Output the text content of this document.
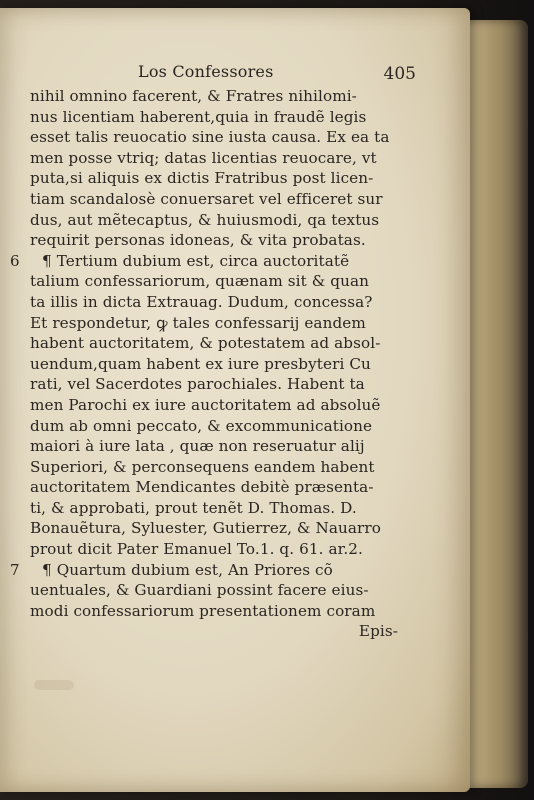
Los Confessores	405
nihil omnino facerent, & Fratres nihilomi-
nus licentiam haberent,quia in fraudẽ legis
esset talis reuocatio sine iusta causa. Ex ea ta
men posse vtriq; datas licentias reuocare, vt
puta,si aliquis ex dictis Fratribus post licen-
tiam scandalosè conuersaret vel efficeret sur
dus, aut mẽtecaptus, & huiusmodi, qa textus
requirit personas idoneas, & vita probatas.
¶ Tertium dubium est, circa auctoritatẽ
6
talium confessariorum, quænam sit & quan
ta illis in dicta Extrauag. Dudum, concessa?
Et respondetur, ꝙ tales confessarij eandem
habent auctoritatem, & potestatem ad absol-
uendum,quam habent ex iure presbyteri Cu
rati, vel Sacerdotes parochiales. Habent ta
men Parochi ex iure auctoritatem ad absoluẽ
dum ab omni peccato, & excommunicatione
maiori à iure lata , quæ non reseruatur alij
Superiori, & perconsequens eandem habent
auctoritatem Mendicantes debitè præsenta-
ti, & approbati, prout tenẽt D. Thomas. D.
Bonauẽtura, Syluester, Gutierrez, & Nauarro
prout dicit Pater Emanuel To.1. q. 61. ar.2.
¶ Quartum dubium est, An Priores cõ
7
uentuales, & Guardiani possint facere eius-
modi confessariorum presentationem coram
Epis-
